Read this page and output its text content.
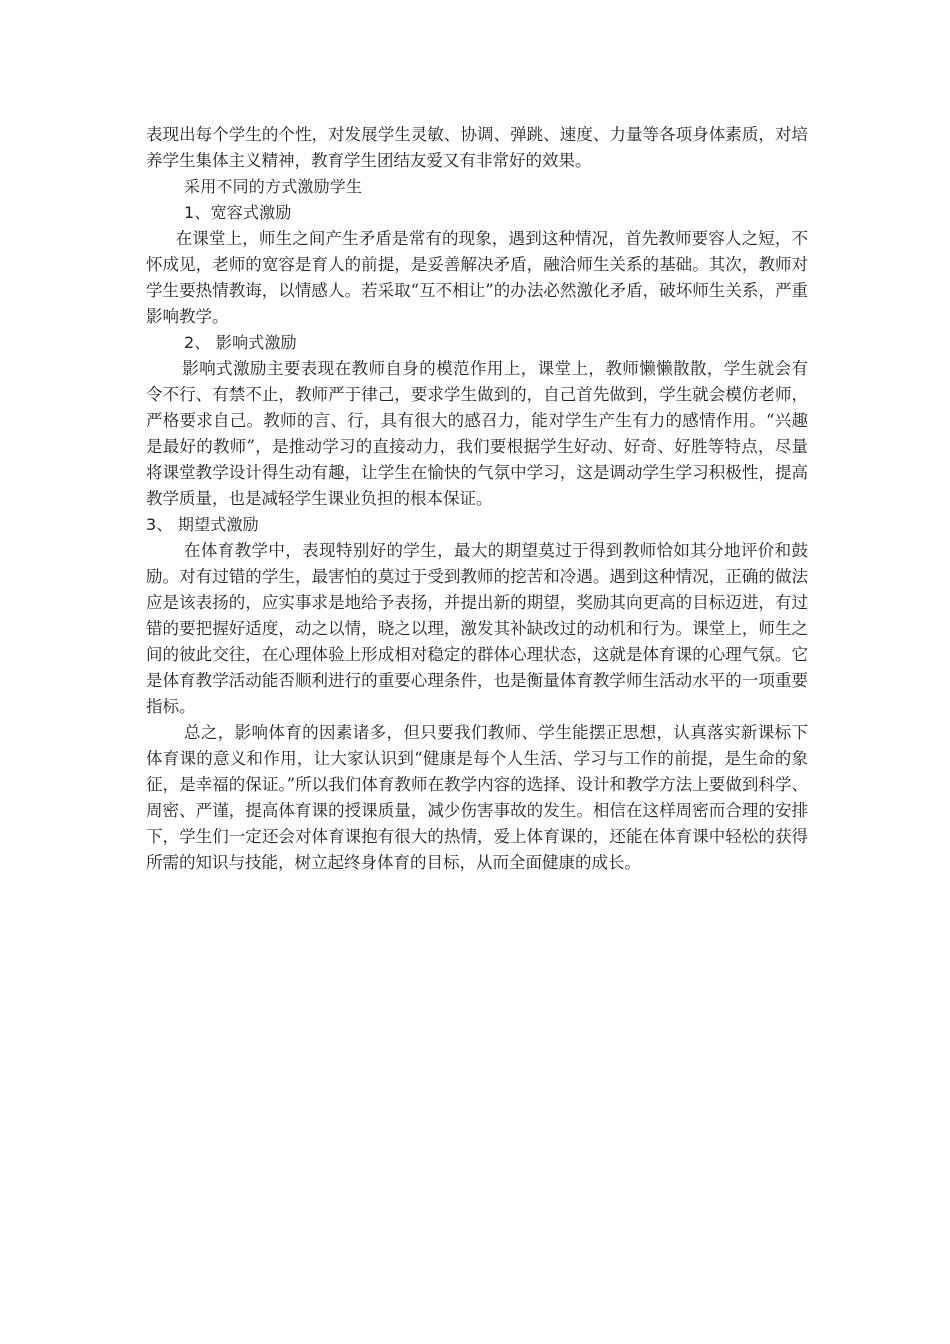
表现出每个学生的个性，对发展学生灵敏、协调、弹跳、速度、力量等各项身体素质，对培养学生集体主义精神，教育学生团结友爱又有非常好的效果。

采用不同的方式激励学生

1、宽容式激励

在课堂上，师生之间产生矛盾是常有的现象，遇到这种情况，首先教师要容人之短，不怀成见，老师的宽容是育人的前提，是妥善解决矛盾，融洽师生关系的基础。其次，教师对学生要热情教诲，以情感人。若采取“互不相让”的办法必然激化矛盾，破坏师生关系，严重影响教学。

2、 影响式激励

影响式激励主要表现在教师自身的模范作用上，课堂上，教师懒懒散散，学生就会有令不行、有禁不止，教师严于律己，要求学生做到的，自己首先做到，学生就会模仿老师，严格要求自己。教师的言、行，具有很大的感召力，能对学生产生有力的感情作用。“兴趣是最好的教师”，是推动学习的直接动力，我们要根据学生好动、好奇、好胜等特点，尽量将课堂教学设计得生动有趣，让学生在愉快的气氛中学习，这是调动学生学习积极性，提高教学质量，也是减轻学生课业负担的根本保证。

3、 期望式激励

在体育教学中，表现特别好的学生，最大的期望莫过于得到教师恰如其分地评价和鼓励。对有过错的学生，最害怕的莫过于受到教师的挖苦和冷遇。遇到这种情况，正确的做法应是该表扬的，应实事求是地给予表扬，并提出新的期望，奖励其向更高的目标迈进，有过错的要把握好适度，动之以情，晓之以理，激发其补缺改过的动机和行为。课堂上，师生之间的彼此交往，在心理体验上形成相对稳定的群体心理状态，这就是体育课的心理气氛。它是体育教学活动能否顺利进行的重要心理条件，也是衡量体育教学师生活动水平的一项重要指标。

总之，影响体育的因素诸多，但只要我们教师、学生能摆正思想，认真落实新课标下体育课的意义和作用，让大家认识到“健康是每个人生活、学习与工作的前提，是生命的象征，是幸福的保证。”所以我们体育教师在教学内容的选择、设计和教学方法上要做到科学、周密、严谨，提高体育课的授课质量，减少伤害事故的发生。相信在这样周密而合理的安排下，学生们一定还会对体育课抱有很大的热情，爱上体育课的，还能在体育课中轻松的获得所需的知识与技能，树立起终身体育的目标，从而全面健康的成长。
